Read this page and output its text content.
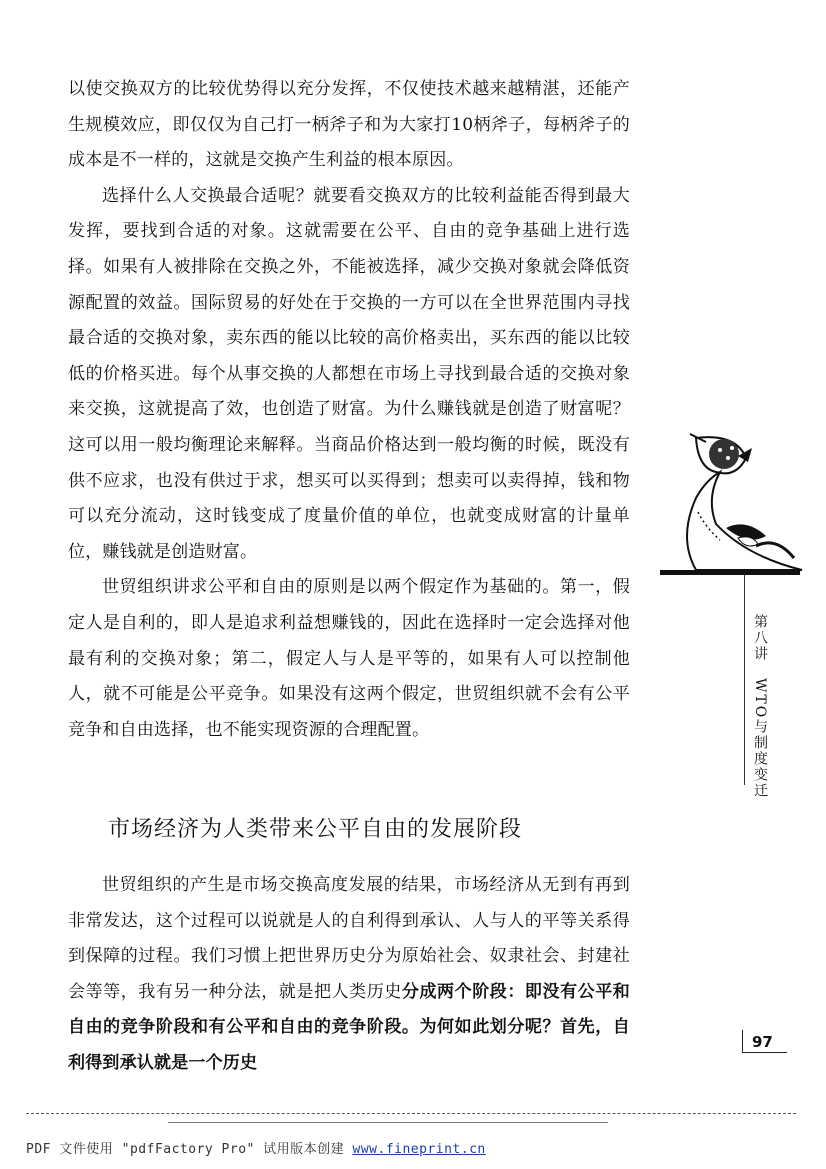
以使交换双方的比较优势得以充分发挥，不仅使技术越来越精湛，还能产生规模效应，即仅仅为自己打一柄斧子和为大家打10柄斧子，每柄斧子的成本是不一样的，这就是交换产生利益的根本原因。

选择什么人交换最合适呢？就要看交换双方的比较利益能否得到最大发挥，要找到合适的对象。这就需要在公平、自由的竞争基础上进行选择。如果有人被排除在交换之外，不能被选择，减少交换对象就会降低资源配置的效益。国际贸易的好处在于交换的一方可以在全世界范围内寻找最合适的交换对象，卖东西的能以比较的高价格卖出，买东西的能以比较低的价格买进。每个从事交换的人都想在市场上寻找到最合适的交换对象来交换，这就提高了效，也创造了财富。为什么赚钱就是创造了财富呢？这可以用一般均衡理论来解释。当商品价格达到一般均衡的时候，既没有供不应求，也没有供过于求，想买可以买得到；想卖可以卖得掉，钱和物可以充分流动，这时钱变成了度量价值的单位，也就变成财富的计量单位，赚钱就是创造财富。

世贸组织讲求公平和自由的原则是以两个假定作为基础的。第一，假定人是自利的，即人是追求利益想赚钱的，因此在选择时一定会选择对他最有利的交换对象；第二，假定人与人是平等的，如果有人可以控制他人，就不可能是公平竞争。如果没有这两个假定，世贸组织就不会有公平竞争和自由选择，也不能实现资源的合理配置。

市场经济为人类带来公平自由的发展阶段

世贸组织的产生是市场交换高度发展的结果，市场经济从无到有再到非常发达，这个过程可以说就是人的自利得到承认、人与人的平等关系得到保障的过程。我们习惯上把世界历史分为原始社会、奴隶社会、封建社会等等，我有另一种分法，就是把人类历史分成两个阶段：即没有公平和自由的竞争阶段和有公平和自由的竞争阶段。为何如此划分呢？首先，自利得到承认就是一个历史

第八讲　WTO与制度变迁
97
PDF 文件使用 "pdfFactory Pro" 试用版本创建 www.fineprint.cn
